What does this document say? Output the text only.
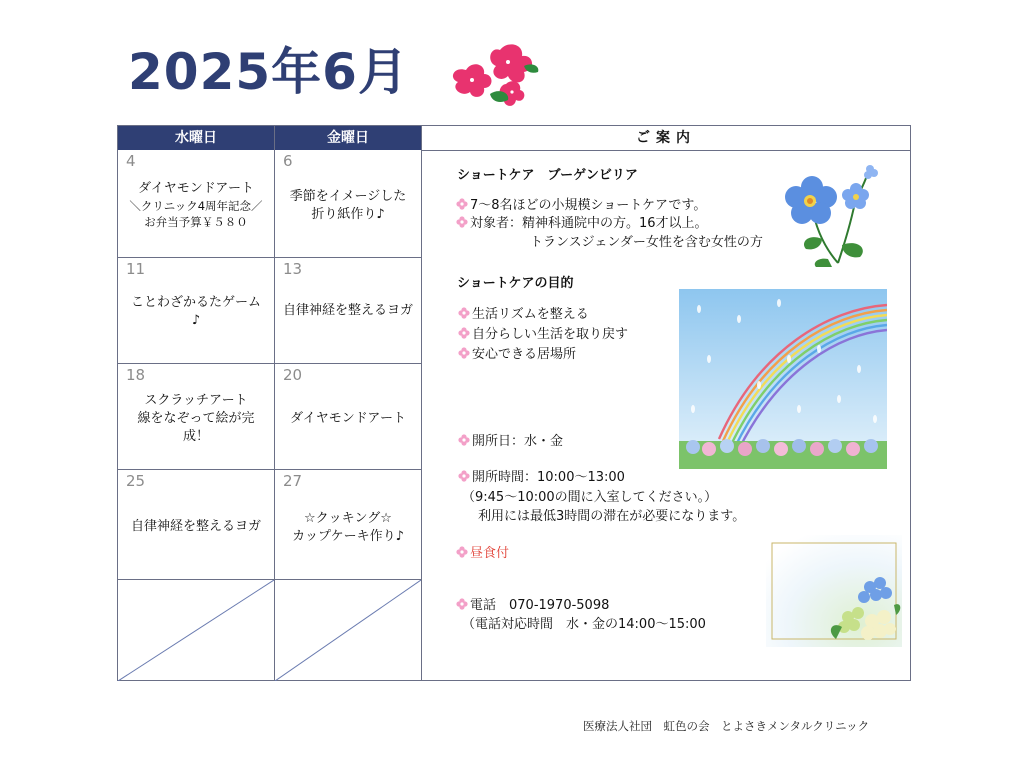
2025年6月
水曜日	金曜日	ご案内
4
ダイヤモンドアート
＼クリニック4周年記念／
お弁当予算￥５８０
6
季節をイメージした
折り紙作り♪
11
ことわざかるたゲーム
♪
13
自律神経を整えるヨガ
18
スクラッチアート
線をなぞって絵が完
成！
20
ダイヤモンドアート
25
自律神経を整えるヨガ
27
☆クッキング☆
カップケーキ作り♪
ショートケア　ブーゲンビリア
7～8名ほどの小規模ショートケアです。
対象者：精神科通院中の方。16才以上。
トランスジェンダー女性を含む女性の方
ショートケアの目的
生活リズムを整える
自分らしい生活を取り戻す
安心できる居場所
開所日：水・金
開所時間：10:00～13:00
（9:45～10:00の間に入室してください。）
利用には最低3時間の滞在が必要になります。
昼食付
電話　070-1970-5098
（電話対応時間　水・金の14:00～15:00
医療法人社団　虹色の会　とよさきメンタルクリニック
